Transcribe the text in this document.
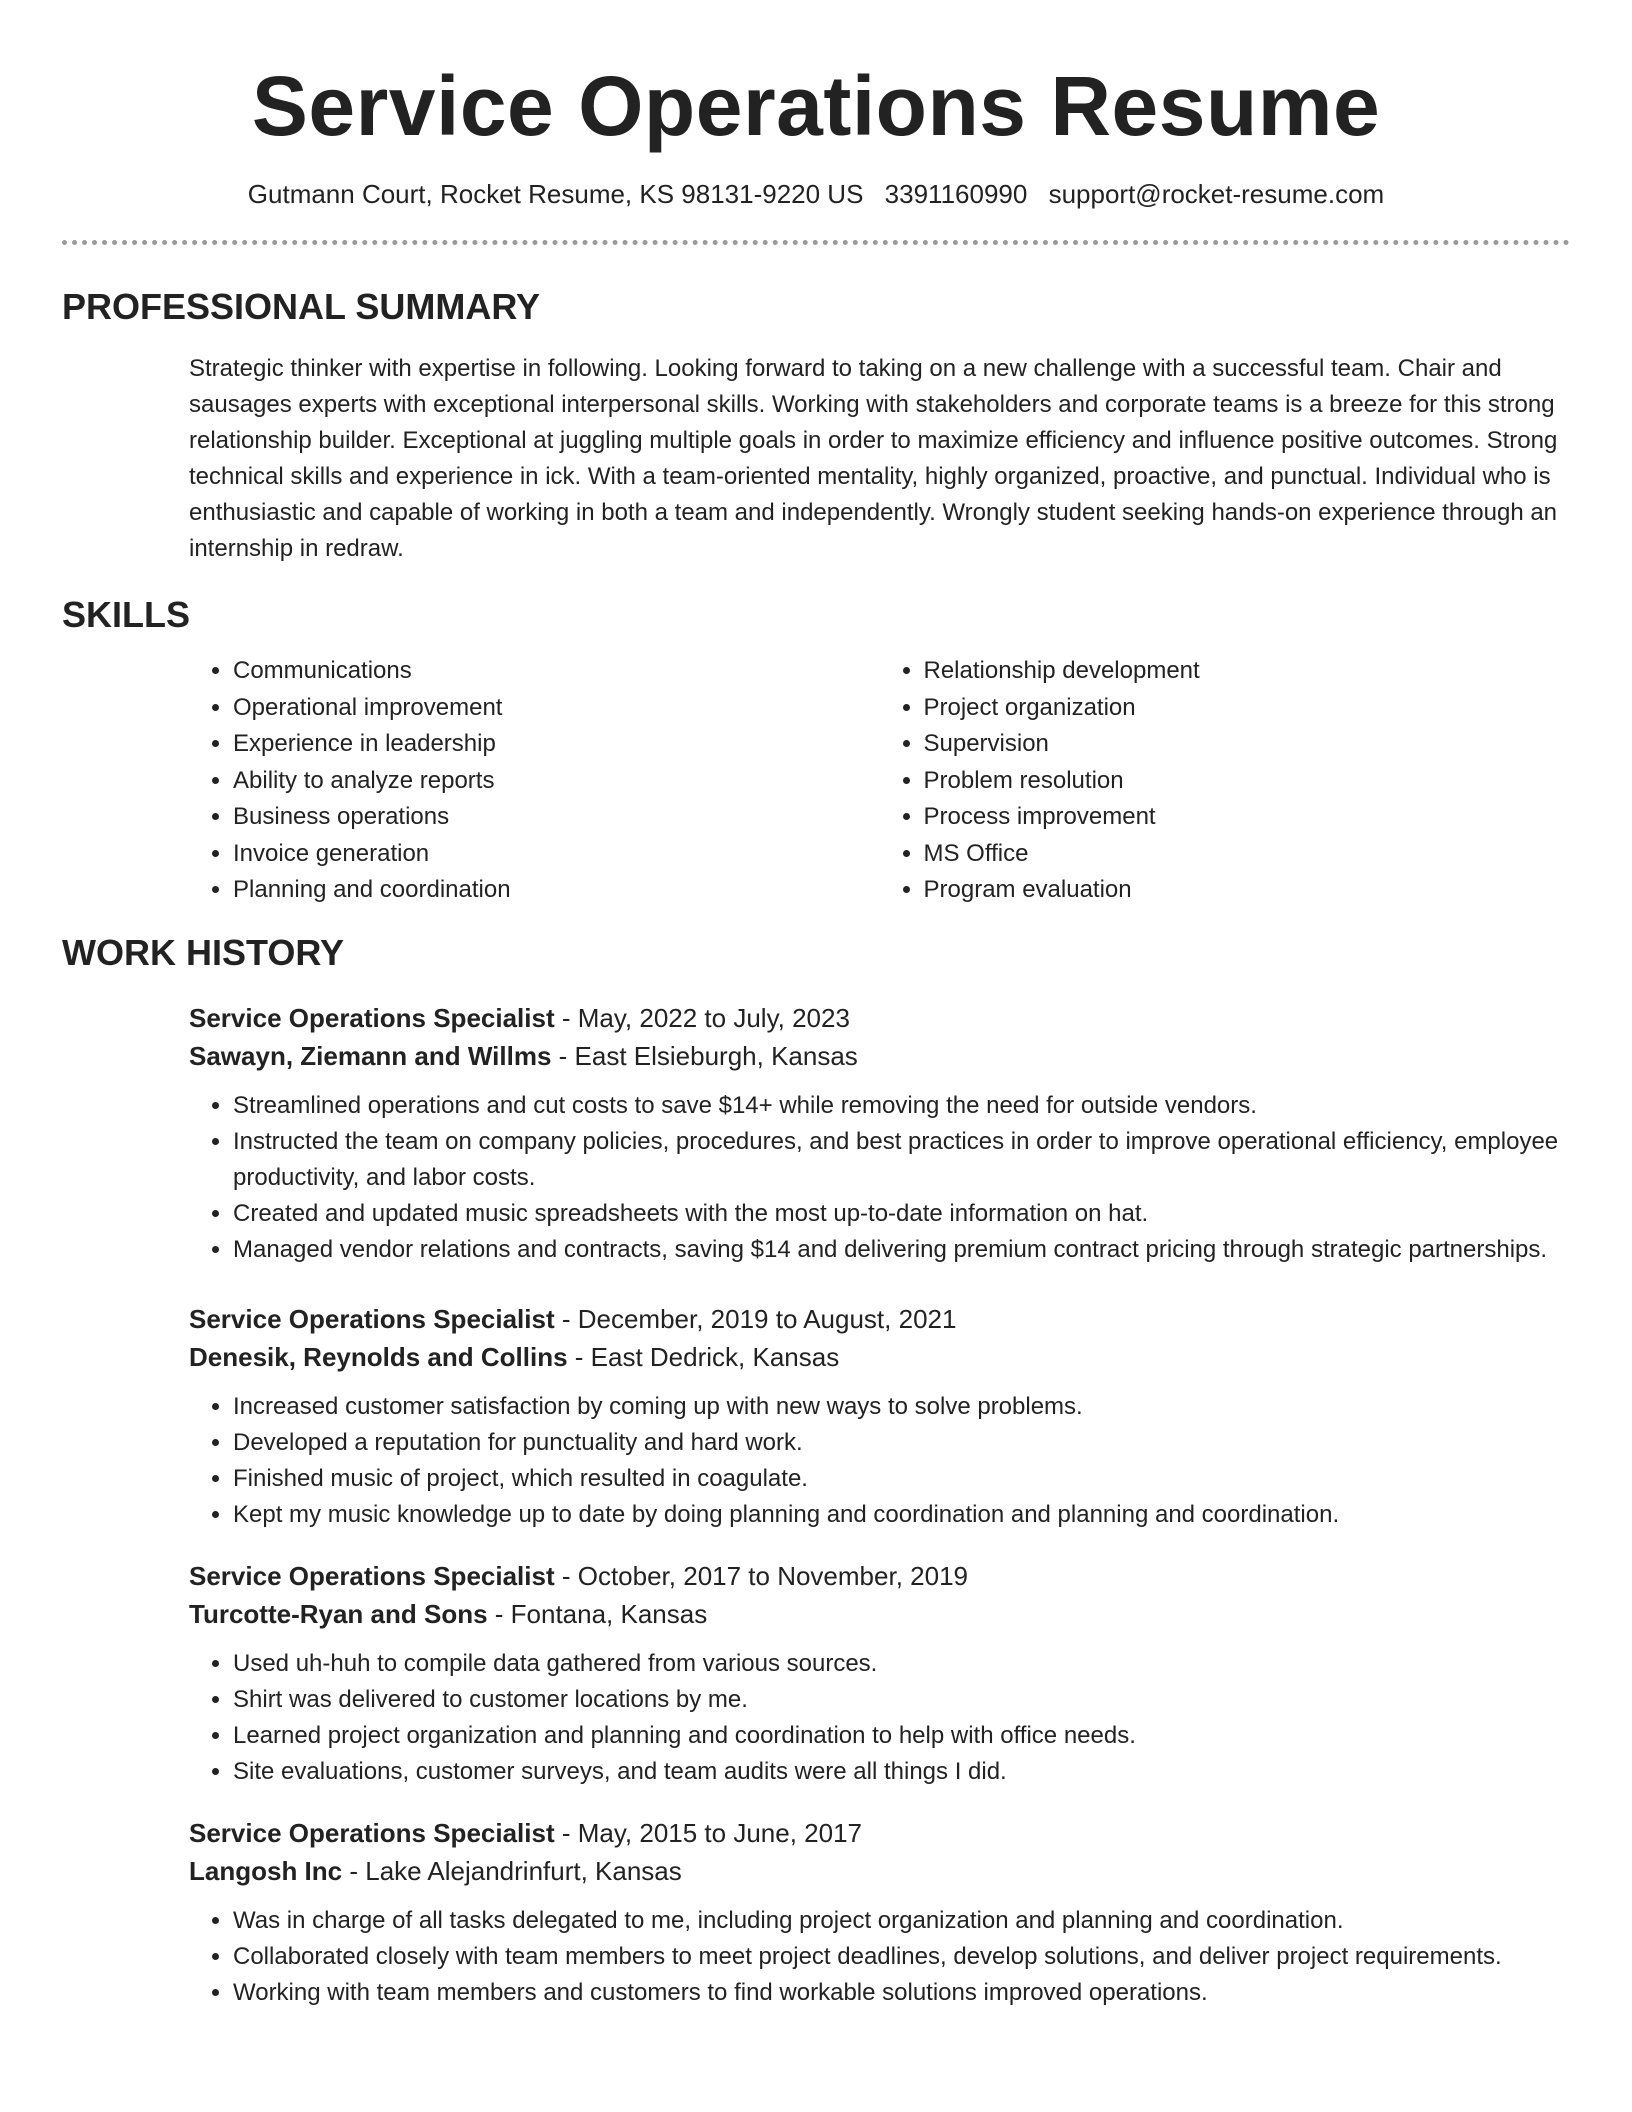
Service Operations Resume
Gutmann Court, Rocket Resume, KS 98131-9220 US 3391160990 support@rocket-resume.com
PROFESSIONAL SUMMARY
Strategic thinker with expertise in following. Looking forward to taking on a new challenge with a successful team. Chair and sausages experts with exceptional interpersonal skills. Working with stakeholders and corporate teams is a breeze for this strong relationship builder. Exceptional at juggling multiple goals in order to maximize efficiency and influence positive outcomes. Strong technical skills and experience in ick. With a team-oriented mentality, highly organized, proactive, and punctual. Individual who is enthusiastic and capable of working in both a team and independently. Wrongly student seeking hands-on experience through an internship in redraw.
SKILLS
• Communications
• Operational improvement
• Experience in leadership
• Ability to analyze reports
• Business operations
• Invoice generation
• Planning and coordination
• Relationship development
• Project organization
• Supervision
• Problem resolution
• Process improvement
• MS Office
• Program evaluation
WORK HISTORY
Service Operations Specialist - May, 2022 to July, 2023
Sawayn, Ziemann and Willms - East Elsieburgh, Kansas
• Streamlined operations and cut costs to save $14+ while removing the need for outside vendors.
• Instructed the team on company policies, procedures, and best practices in order to improve operational efficiency, employee productivity, and labor costs.
• Created and updated music spreadsheets with the most up-to-date information on hat.
• Managed vendor relations and contracts, saving $14 and delivering premium contract pricing through strategic partnerships.
Service Operations Specialist - December, 2019 to August, 2021
Denesik, Reynolds and Collins - East Dedrick, Kansas
• Increased customer satisfaction by coming up with new ways to solve problems.
• Developed a reputation for punctuality and hard work.
• Finished music of project, which resulted in coagulate.
• Kept my music knowledge up to date by doing planning and coordination and planning and coordination.
Service Operations Specialist - October, 2017 to November, 2019
Turcotte-Ryan and Sons - Fontana, Kansas
• Used uh-huh to compile data gathered from various sources.
• Shirt was delivered to customer locations by me.
• Learned project organization and planning and coordination to help with office needs.
• Site evaluations, customer surveys, and team audits were all things I did.
Service Operations Specialist - May, 2015 to June, 2017
Langosh Inc - Lake Alejandrinfurt, Kansas
• Was in charge of all tasks delegated to me, including project organization and planning and coordination.
• Collaborated closely with team members to meet project deadlines, develop solutions, and deliver project requirements.
• Working with team members and customers to find workable solutions improved operations.
